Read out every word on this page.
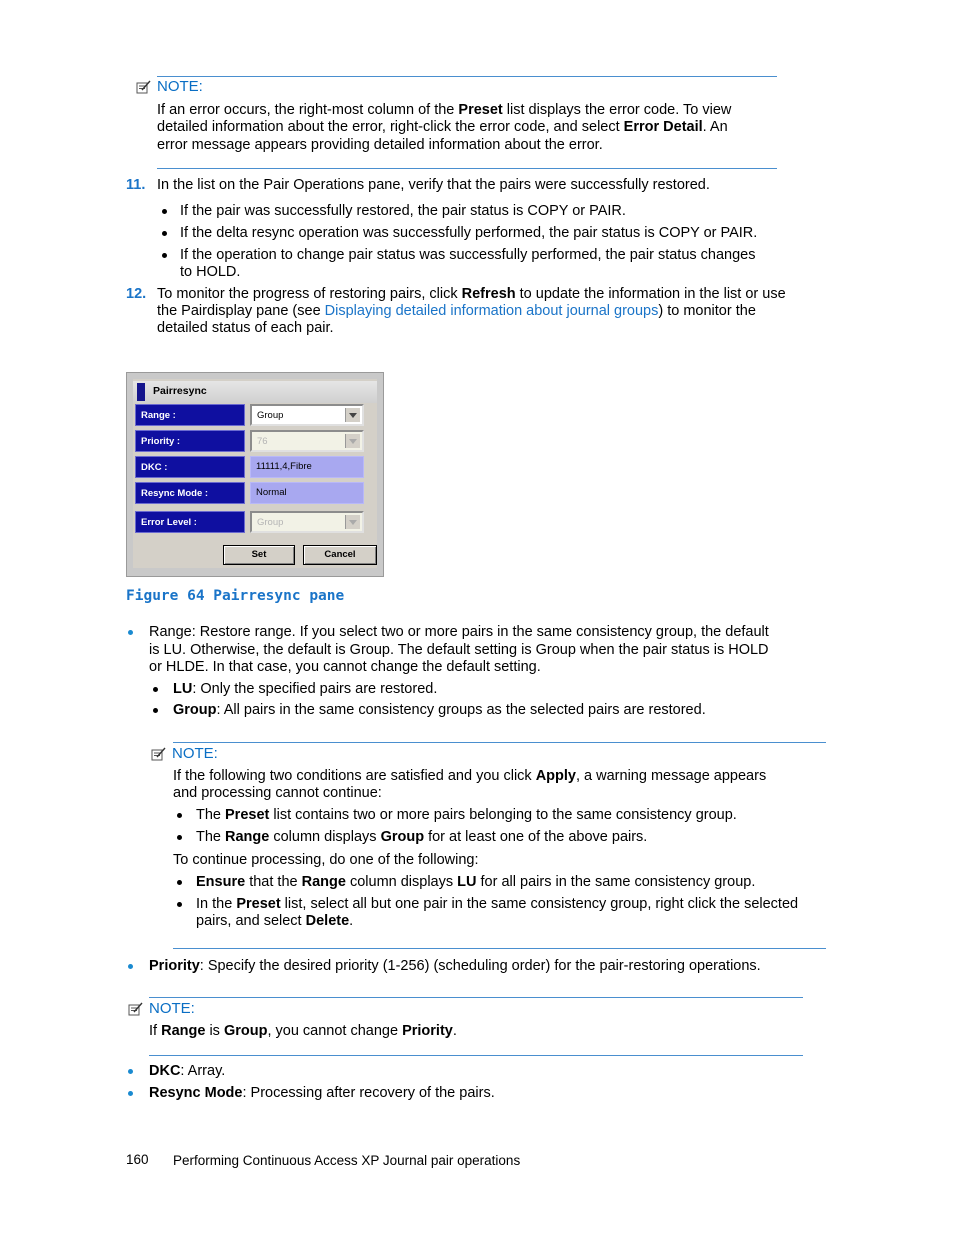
NOTE:
If an error occurs, the right-most column of the Preset list displays the error code. To view
detailed information about the error, right-click the error code, and select Error Detail. An
error message appears providing detailed information about the error.
11. In the list on the Pair Operations pane, verify that the pairs were successfully restored.
If the pair was successfully restored, the pair status is COPY or PAIR.
If the delta resync operation was successfully performed, the pair status is COPY or PAIR.
If the operation to change pair status was successfully performed, the pair status changes
to HOLD.
12. To monitor the progress of restoring pairs, click Refresh to update the information in the list or use
the Pairdisplay pane (see Displaying detailed information about journal groups) to monitor the
detailed status of each pair.
Pairresync
Range :	Group
Priority :	76
DKC :	11111,4,Fibre
Resync Mode :	Normal
Error Level :	Group
Set	Cancel
Figure 64 Pairresync pane
Range: Restore range. If you select two or more pairs in the same consistency group, the default
is LU. Otherwise, the default is Group. The default setting is Group when the pair status is HOLD
or HLDE. In that case, you cannot change the default setting.
LU: Only the specified pairs are restored.
Group: All pairs in the same consistency groups as the selected pairs are restored.
NOTE:
If the following two conditions are satisfied and you click Apply, a warning message appears
and processing cannot continue:
The Preset list contains two or more pairs belonging to the same consistency group.
The Range column displays Group for at least one of the above pairs.
To continue processing, do one of the following:
Ensure that the Range column displays LU for all pairs in the same consistency group.
In the Preset list, select all but one pair in the same consistency group, right click the selected
pairs, and select Delete.
Priority: Specify the desired priority (1-256) (scheduling order) for the pair-restoring operations.
NOTE:
If Range is Group, you cannot change Priority.
DKC: Array.
Resync Mode: Processing after recovery of the pairs.
160 Performing Continuous Access XP Journal pair operations
